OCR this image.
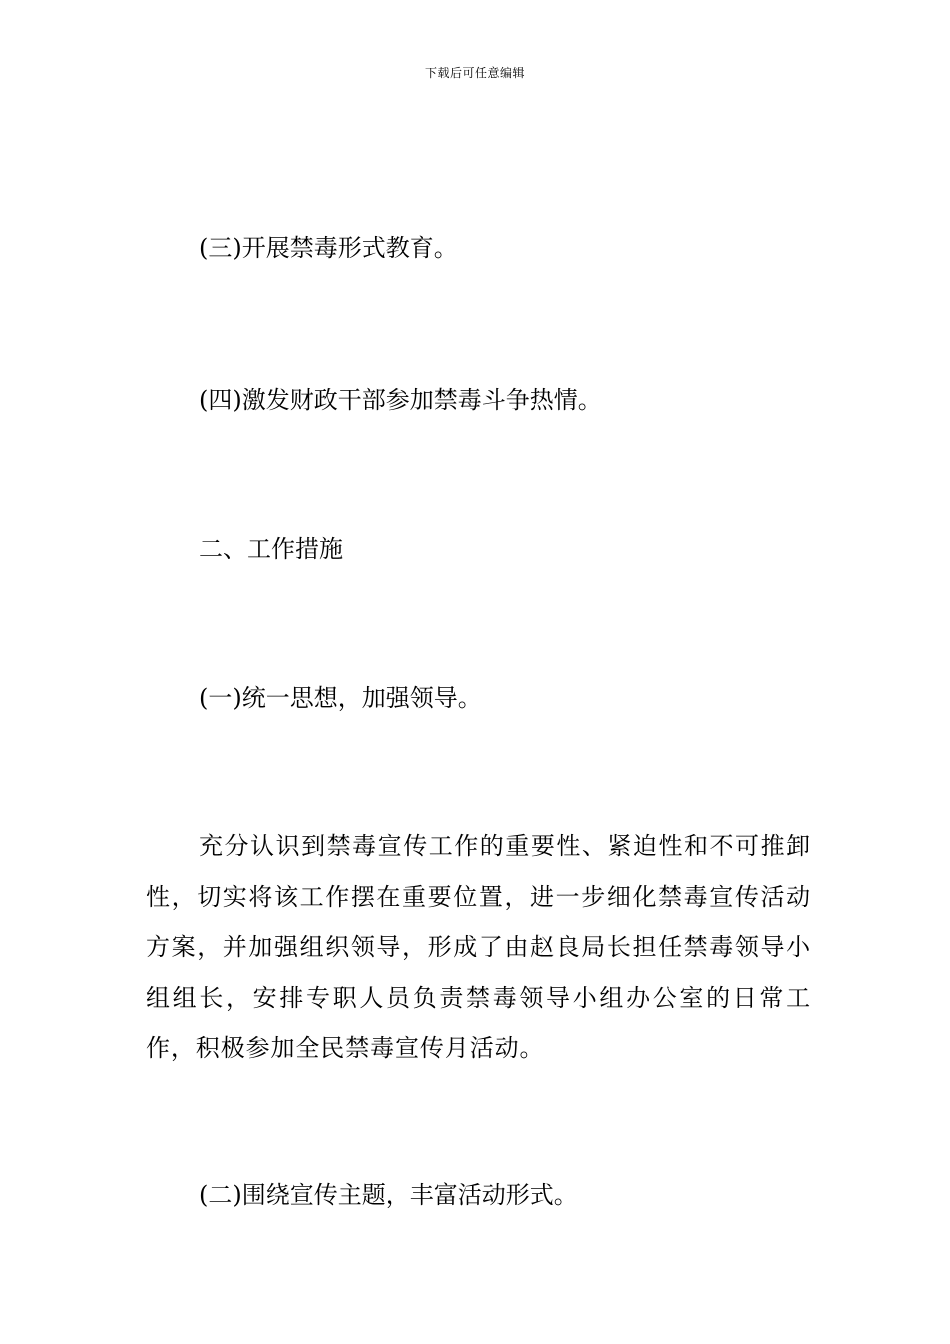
下载后可任意编辑
(三)开展禁毒形式教育。
(四)激发财政干部参加禁毒斗争热情。
二、工作措施
(一)统一思想，加强领导。
充分认识到禁毒宣传工作的重要性、紧迫性和不可推卸性，切实将该工作摆在重要位置，进一步细化禁毒宣传活动方案，并加强组织领导，形成了由赵良局长担任禁毒领导小组组长，安排专职人员负责禁毒领导小组办公室的日常工作，积极参加全民禁毒宣传月活动。
(二)围绕宣传主题，丰富活动形式。
